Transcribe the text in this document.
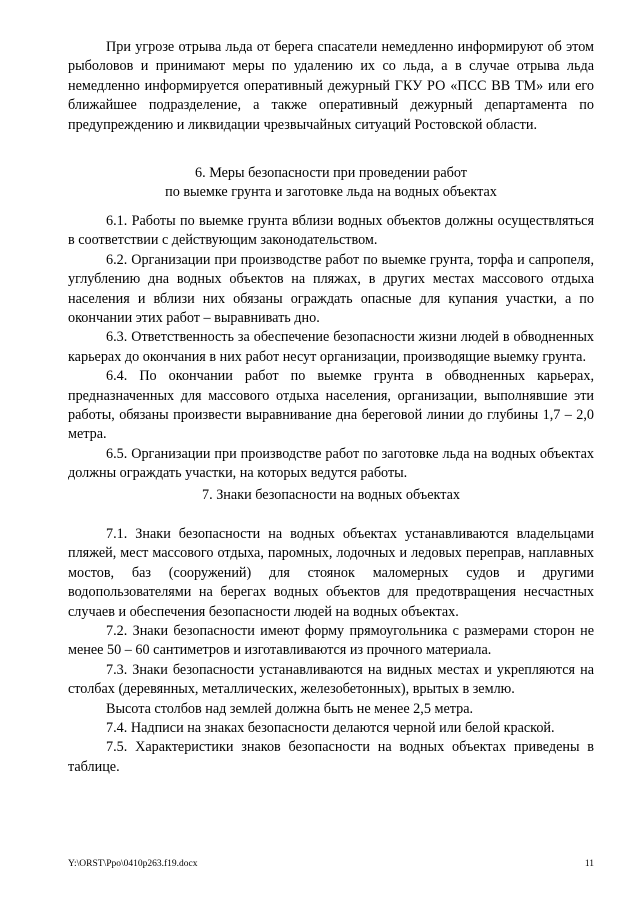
При угрозе отрыва льда от берега спасатели немедленно информируют об этом рыболовов и принимают меры по удалению их со льда, а в случае отрыва льда немедленно информируется оперативный дежурный ГКУ РО «ПСС ВВ ТМ» или его ближайшее подразделение, а также оперативный дежурный департамента по предупреждению и ликвидации чрезвычайных ситуаций Ростовской области.

6. Меры безопасности при проведении работ

по выемке грунта и заготовке льда на водных объектах

6.1. Работы по выемке грунта вблизи водных объектов должны осуществляться в соответствии с действующим законодательством.

6.2. Организации при производстве работ по выемке грунта, торфа и сапропеля, углублению дна водных объектов на пляжах, в других местах массового отдыха населения и вблизи них обязаны ограждать опасные для купания участки, а по окончании этих работ – выравнивать дно.

6.3. Ответственность за обеспечение безопасности жизни людей в обводненных карьерах до окончания в них работ несут организации, производящие выемку грунта.

6.4. По окончании работ по выемке грунта в обводненных карьерах, предназначенных для массового отдыха населения, организации, выполнявшие эти работы, обязаны произвести выравнивание дна береговой линии до глубины 1,7 – 2,0 метра.

6.5. Организации при производстве работ по заготовке льда на водных объектах должны ограждать участки, на которых ведутся работы.

7. Знаки безопасности на водных объектах

7.1. Знаки безопасности на водных объектах устанавливаются владельцами пляжей, мест массового отдыха, паромных, лодочных и ледовых переправ, наплавных мостов, баз (сооружений) для стоянок маломерных судов и другими водопользователями на берегах водных объектов для предотвращения несчастных случаев и обеспечения безопасности людей на водных объектах.

7.2. Знаки безопасности имеют форму прямоугольника с размерами сторон не менее 50 – 60 сантиметров и изготавливаются из прочного материала.

7.3. Знаки безопасности устанавливаются на видных местах и укрепляются на столбах (деревянных, металлических, железобетонных), врытых в землю.

Высота столбов над землей должна быть не менее 2,5 метра.

7.4. Надписи на знаках безопасности делаются черной или белой краской.

7.5. Характеристики знаков безопасности на водных объектах приведены в таблице.

Y:\ORST\Ppo\0410p263.f19.docx	11
